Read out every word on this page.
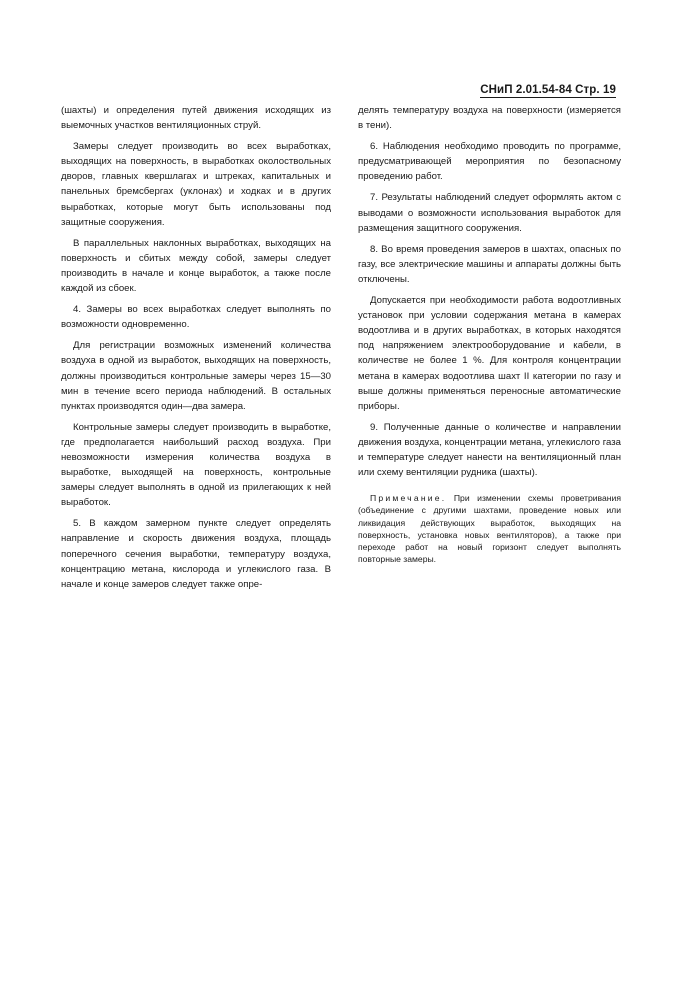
СНиП 2.01.54-84 Стр. 19

(шахты) и определения путей движения исходящих из выемочных участков вентиляционных струй.

Замеры следует производить во всех выработках, выходящих на поверхность, в выработках околоствольных дворов, главных квершлагах и штреках, капитальных и панельных бремсбергах (уклонах) и ходках и в других выработках, которые могут быть использованы под защитные сооружения.

В параллельных наклонных выработках, выходящих на поверхность и сбитых между собой, замеры следует производить в начале и конце выработок, а также после каждой из сбоек.

4. Замеры во всех выработках следует выполнять по возможности одновременно.

Для регистрации возможных изменений количества воздуха в одной из выработок, выходящих на поверхность, должны производиться контрольные замеры через 15—30 мин в течение всего периода наблюдений. В остальных пунктах производятся один—два замера.

Контрольные замеры следует производить в выработке, где предполагается наибольший расход воздуха. При невозможности измерения количества воздуха в выработке, выходящей на поверхность, контрольные замеры следует выполнять в одной из прилегающих к ней выработок.

5. В каждом замерном пункте следует определять направление и скорость движения воздуха, площадь поперечного сечения выработки, температуру воздуха, концентрацию метана, кислорода и углекислого газа. В начале и конце замеров следует также опре-

делять температуру воздуха на поверхности (измеряется в тени).

6. Наблюдения необходимо проводить по программе, предусматривающей мероприятия по безопасному проведению работ.

7. Результаты наблюдений следует оформлять актом с выводами о возможности использования выработок для размещения защитного сооружения.

8. Во время проведения замеров в шахтах, опасных по газу, все электрические машины и аппараты должны быть отключены.

Допускается при необходимости работа водоотливных установок при условии содержания метана в камерах водоотлива и в других выработках, в которых находятся под напряжением электрооборудование и кабели, в количестве не более 1 %. Для контроля концентрации метана в камерах водоотлива шахт II категории по газу и выше должны применяться переносные автоматические приборы.

9. Полученные данные о количестве и направлении движения воздуха, концентрации метана, углекислого газа и температуре следует нанести на вентиляционный план или схему вентиляции рудника (шахты).

Примечание. При изменении схемы проветривания (объединение с другими шахтами, проведение новых или ликвидация действующих выработок, выходящих на поверхность, установка новых вентиляторов), а также при переходе работ на новый горизонт следует выполнять повторные замеры.
